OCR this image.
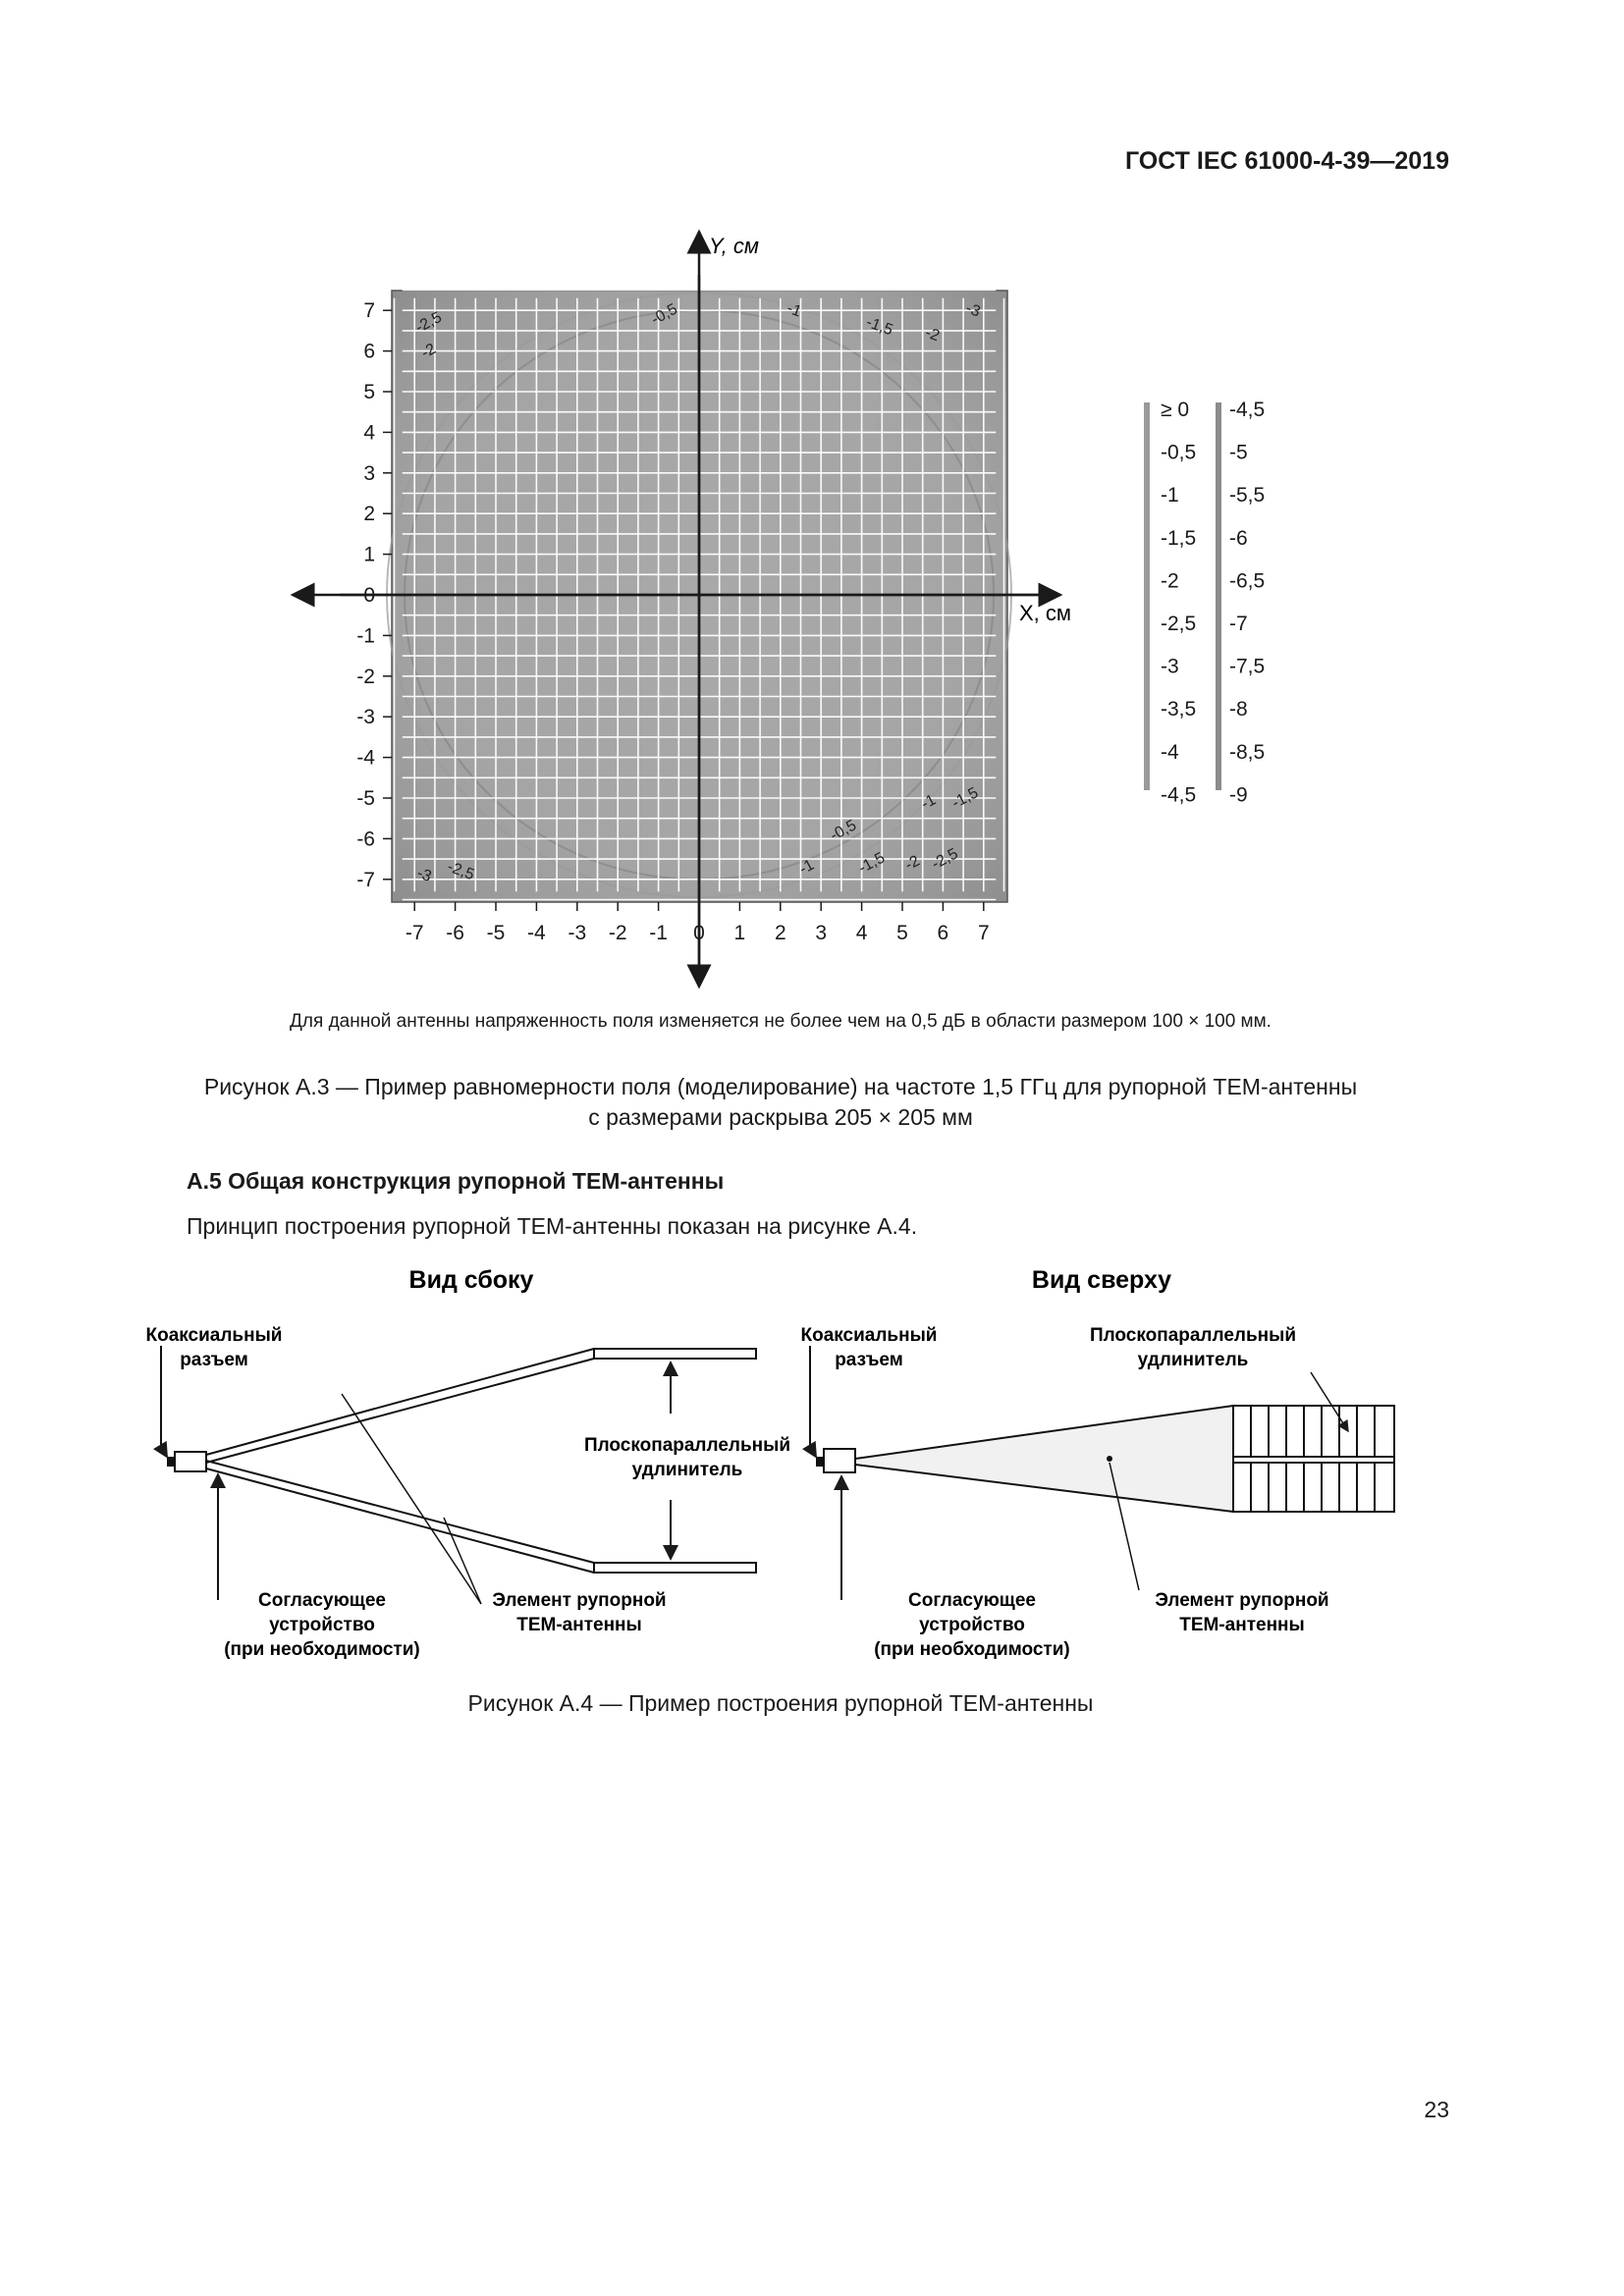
ГОСТ IEC 61000-4-39—2019
-7 -6 -5 -4 -3 -2 -1 0 1 2 3 4 5 6 7
7
6
5
4
3
2
1
0
-1
-2
-3
-4
-5
-6
-7
-2,5
-2
-0,5	-1
-1,5 -2
-3
-0,5
-1 -1,5
-1 -1,5 -2 -2,5
-3 -2,5
Y, см
X, см
≥ 0
-0,5
-1
-1,5
-2
-2,5
-3
-3,5
-4
-4,5
-4,5
-5
-5,5
-6
-6,5
-7
-7,5
-8
-8,5
-9
Для данной антенны напряженность поля изменяется не более чем на 0,5 дБ в области размером 100 × 100 мм.
Рисунок А.3 — Пример равномерности поля (моделирование) на частоте 1,5 ГГц для рупорной ТЕМ-антенны
с размерами раскрыва 205 × 205 мм
А.5 Общая конструкция рупорной ТЕМ-антенны
Принцип построения рупорной ТЕМ-антенны показан на рисунке А.4.
Вид сбоку	Вид сверху
Коаксиальный
разъем
Плоскопараллельный
удлинитель
Согласующее
устройство
(при необходимости)
Элемент рупорной
ТЕМ-антенны
Коаксиальный
разъем
Плоскопараллельный
удлинитель
Согласующее
устройство
(при необходимости)
Элемент рупорной
ТЕМ-антенны
Рисунок А.4 — Пример построения рупорной ТЕМ-антенны
23
